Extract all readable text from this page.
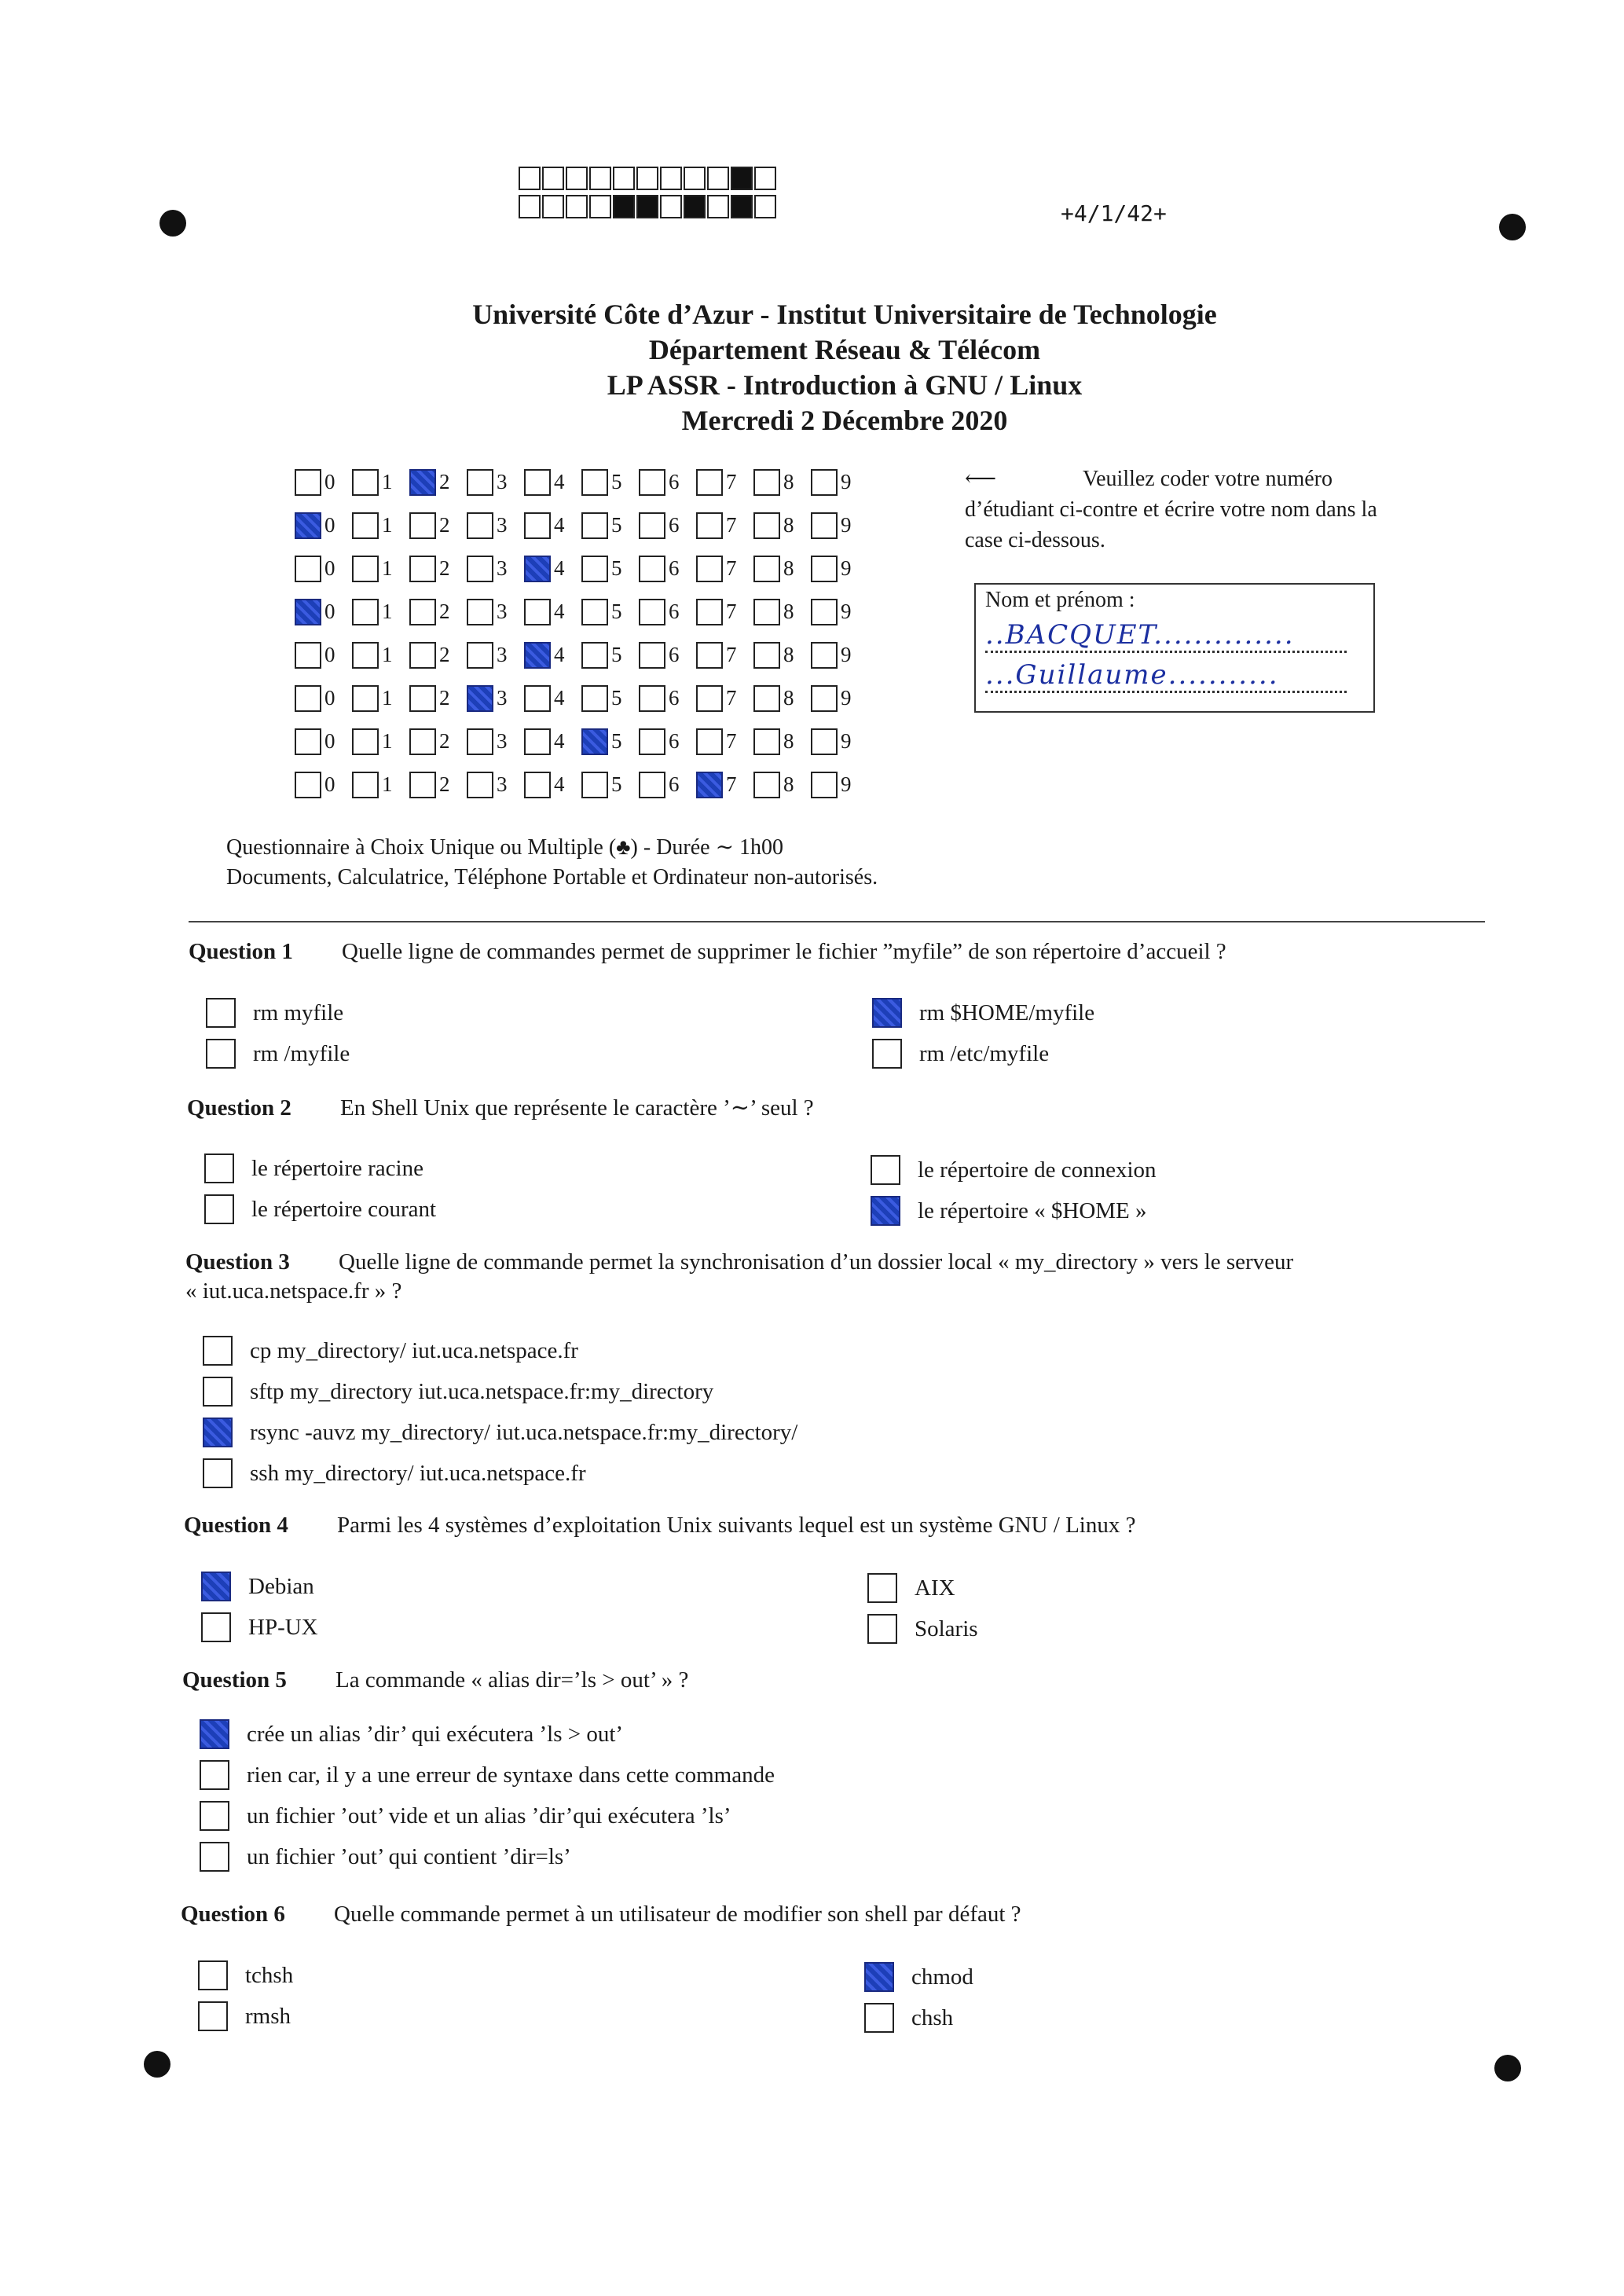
+4/1/42+
Université Côte d’Azur - Institut Universitaire de Technologie
Département Réseau & Télécom
LP ASSR - Introduction à GNU / Linux
Mercredi 2 Décembre 2020
0 1 2 3 4 5 6 7 8 9
0 1 2 3 4 5 6 7 8 9
0 1 2 3 4 5 6 7 8 9
0 1 2 3 4 5 6 7 8 9
0 1 2 3 4 5 6 7 8 9
0 1 2 3 4 5 6 7 8 9
0 1 2 3 4 5 6 7 8 9
0 1 2 3 4 5 6 7 8 9
⟵	Veuillez coder votre numéro d’étudiant ci-contre et écrire votre nom dans la case ci-dessous.
Nom et prénom :
..BACQUET..............
...Guillaume...........
Questionnaire à Choix Unique ou Multiple (♣) - Durée ∼ 1h00
Documents, Calculatrice, Téléphone Portable et Ordinateur non-autorisés.
Question 1 Quelle ligne de commandes permet de supprimer le fichier ”myfile” de son répertoire d’accueil ?
rm myfile	rm $HOME/myfile
rm /myfile	rm /etc/myfile
Question 2 En Shell Unix que représente le caractère ’∼’ seul ?
le répertoire racine	le répertoire de connexion
le répertoire courant	le répertoire « $HOME »
Question 3 Quelle ligne de commande permet la synchronisation d’un dossier local « my_directory » vers le serveur
« iut.uca.netspace.fr » ?
cp my_directory/ iut.uca.netspace.fr
sftp my_directory iut.uca.netspace.fr:my_directory
rsync -auvz my_directory/ iut.uca.netspace.fr:my_directory/
ssh my_directory/ iut.uca.netspace.fr
Question 4 Parmi les 4 systèmes d’exploitation Unix suivants lequel est un système GNU / Linux ?
Debian	AIX
HP-UX	Solaris
Question 5 La commande « alias dir=’ls > out’ » ?
crée un alias ’dir’ qui exécutera ’ls > out’
rien car, il y a une erreur de syntaxe dans cette commande
un fichier ’out’ vide et un alias ’dir’qui exécutera ’ls’
un fichier ’out’ qui contient ’dir=ls’
Question 6 Quelle commande permet à un utilisateur de modifier son shell par défaut ?
tchsh	chmod
rmsh	chsh
